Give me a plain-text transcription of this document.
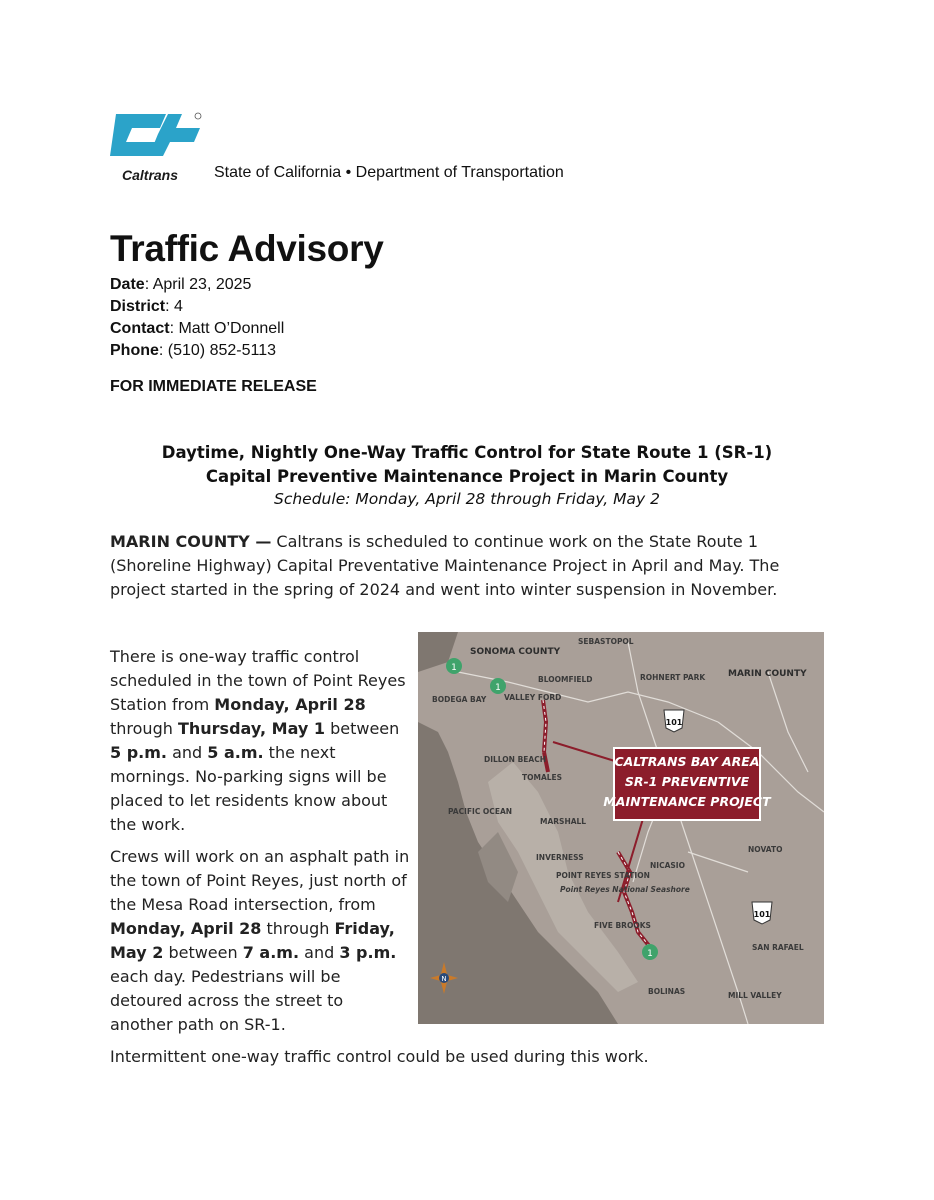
Caltrans State of California • Department of Transportation
Traffic Advisory
Date: April 23, 2025
District: 4
Contact: Matt O’Donnell
Phone: (510) 852-5113
FOR IMMEDIATE RELEASE
Daytime, Nightly One-Way Traffic Control for State Route 1 (SR-1)
Capital Preventive Maintenance Project in Marin County
Schedule: Monday, April 28 through Friday, May 2
MARIN COUNTY — Caltrans is scheduled to continue work on the State Route 1 (Shoreline Highway) Capital Preventative Maintenance Project in April and May. The project started in the spring of 2024 and went into winter suspension in November.
There is one-way traffic control scheduled in the town of Point Reyes Station from Monday, April 28 through Thursday, May 1 between 5 p.m. and 5 a.m. the next mornings. No-parking signs will be placed to let residents know about the work.
Crews will work on an asphalt path in the town of Point Reyes, just north of the Mesa Road intersection, from Monday, April 28 through Friday, May 2 between 7 a.m. and 3 p.m. each day. Pedestrians will be detoured across the street to another path on SR-1.
Intermittent one-way traffic control could be used during this work.
CALTRANS BAY AREA
SR-1 PREVENTIVE
MAINTENANCE PROJECT
1
1
1
101
101
N
SONOMA COUNTY
MARIN COUNTY
SEBASTOPOL
BODEGA BAY VALLEY FORD
BLOOMFIELD	ROHNERT PARK
DILLON BEACH
TOMALES
MARSHALL
PACIFIC OCEAN
INVERNESS
POINT REYES STATION
Point Reyes National Seashore
NICASIO
NOVATO
FIVE BROOKS
SAN RAFAEL
BOLINAS	MILL VALLEY
